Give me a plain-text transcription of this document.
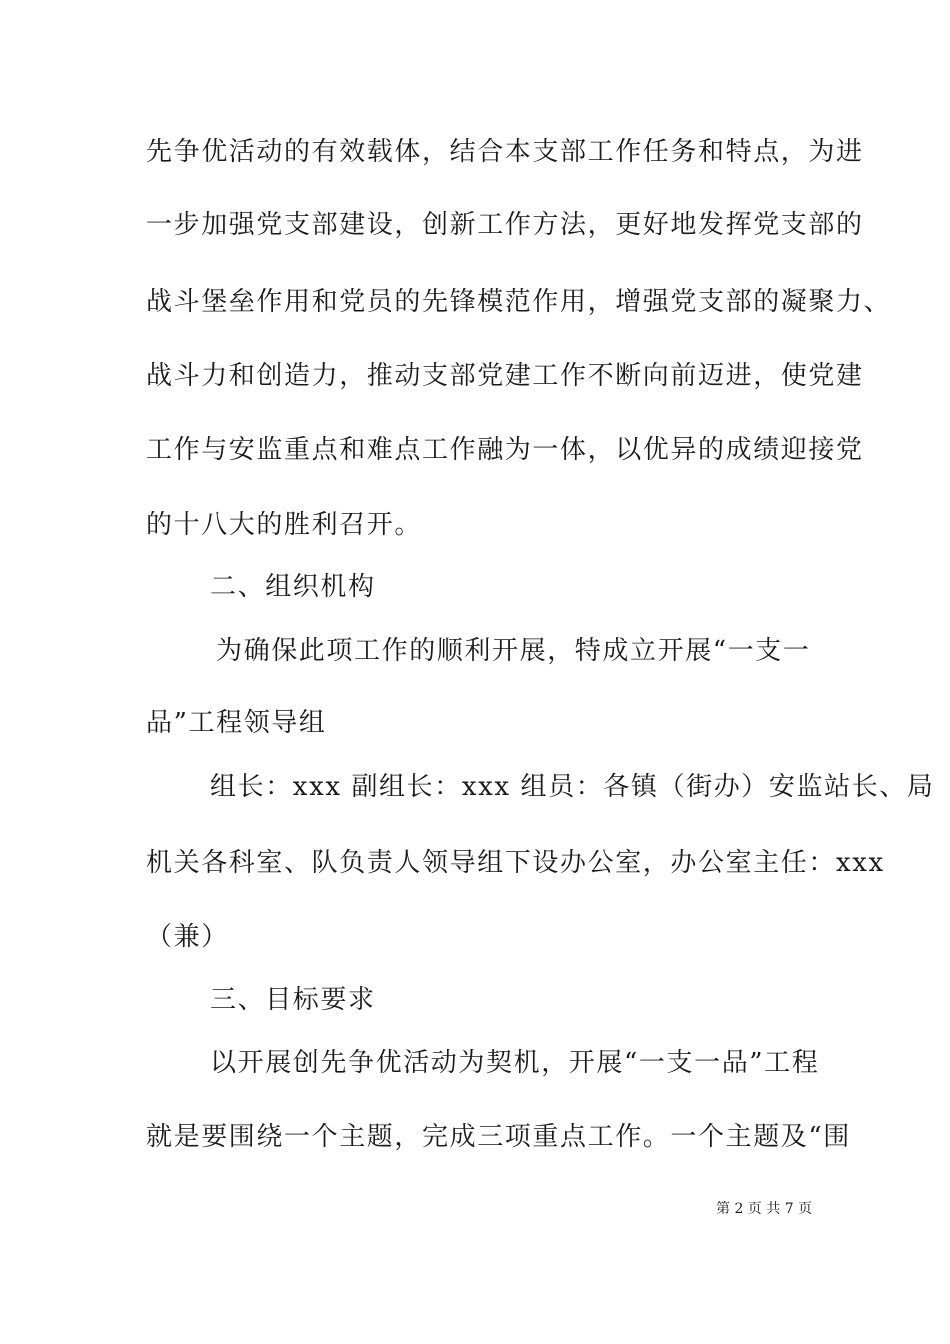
先争优活动的有效载体，结合本支部工作任务和特点，为进
一步加强党支部建设，创新工作方法，更好地发挥党支部的
战斗堡垒作用和党员的先锋模范作用，增强党支部的凝聚力、
战斗力和创造力，推动支部党建工作不断向前迈进，使党建
工作与安监重点和难点工作融为一体，以优异的成绩迎接党
的十八大的胜利召开。
二、组织机构
为确保此项工作的顺利开展，特成立开展“一支一
品”工程领导组
组长：xxx 副组长：xxx 组员：各镇（街办）安监站长、局
机关各科室、队负责人领导组下设办公室，办公室主任：xxx
（兼）
三、目标要求
以开展创先争优活动为契机，开展“一支一品”工程
就是要围绕一个主题，完成三项重点工作。一个主题及“围
第 2 页 共 7 页
